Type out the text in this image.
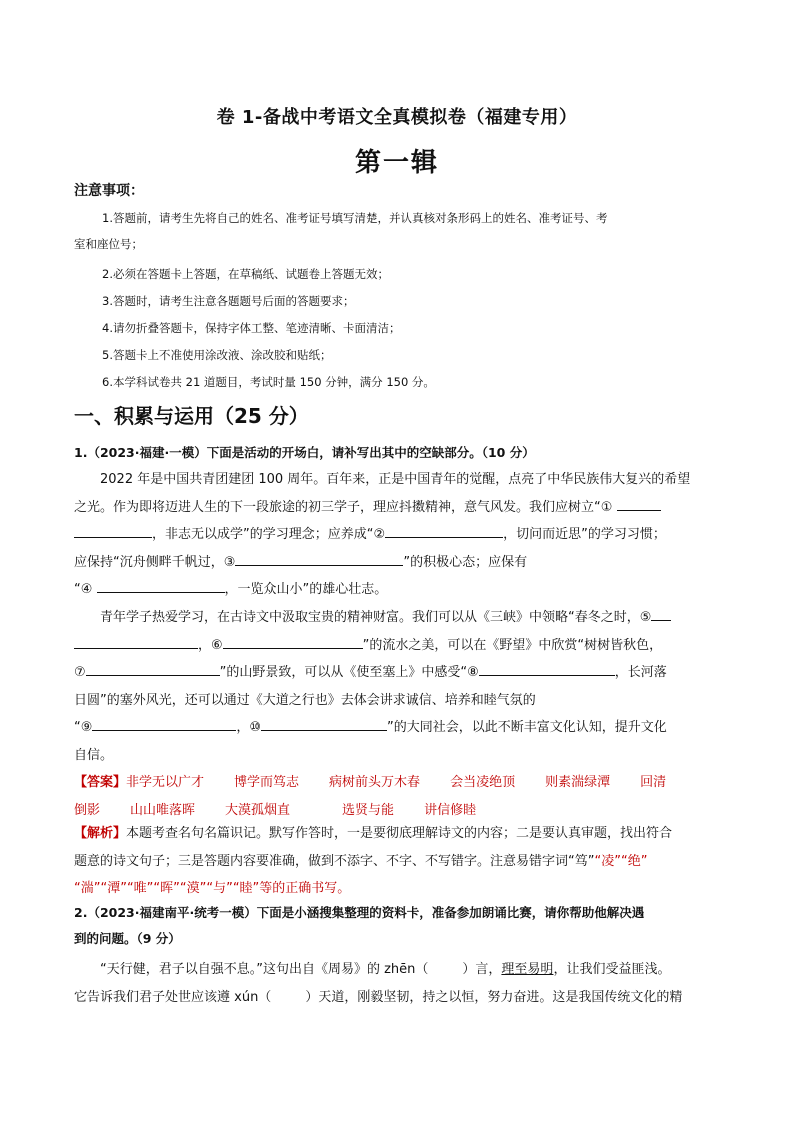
卷 1-备战中考语文全真模拟卷（福建专用）
第一辑
注意事项：
1.答题前，请考生先将自己的姓名、准考证号填写清楚，并认真核对条形码上的姓名、准考证号、考
室和座位号；
2.必须在答题卡上答题，在草稿纸、试题卷上答题无效；
3.答题时，请考生注意各题题号后面的答题要求；
4.请勿折叠答题卡，保持字体工整、笔迹清晰、卡面清洁；
5.答题卡上不准使用涂改液、涂改胶和贴纸；
6.本学科试卷共 21 道题目，考试时量 150 分钟，满分 150 分。
一、积累与运用（25 分）
1.（2023·福建·一模）下面是活动的开场白，请补写出其中的空缺部分。（10 分）
2022 年是中国共青团建团 100 周年。百年来，正是中国青年的觉醒，点亮了中华民族伟大复兴的希望
之光。作为即将迈进人生的下一段旅途的初三学子，理应抖擞精神，意气风发。我们应树立“①
，非志无以成学”的学习理念；应养成“②	，切问而近思”的学习习惯；
应保持“沉舟侧畔千帆过，③	”的积极心态；应保有
“④	，一览众山小”的雄心壮志。
青年学子热爱学习，在古诗文中汲取宝贵的精神财富。我们可以从《三峡》中领略“春冬之时，⑤
，⑥	”的流水之美，可以在《野望》中欣赏“树树皆秋色，
⑦	”的山野景致，可以从《使至塞上》中感受“⑧	，长河落
日圆”的塞外风光，还可以通过《大道之行也》去体会讲求诚信、培养和睦气氛的
“⑨	，⑩	”的大同社会，以此不断丰富文化认知，提升文化
自信。
【答案】非学无以广才 博学而笃志 病树前头万木春 会当凌绝顶 则素湍绿潭 回清
倒影 山山唯落晖 大漠孤烟直	选贤与能 讲信修睦
【解析】本题考查名句名篇识记。默写作答时，一是要彻底理解诗文的内容；二是要认真审题，找出符合
题意的诗文句子；三是答题内容要准确，做到不添字、不字、不写错字。注意易错字词“笃”“凌”“绝”
“湍”“潭”“唯”“晖”“漠”“与”“睦”等的正确书写。
2.（2023·福建南平·统考一模）下面是小涵搜集整理的资料卡，准备参加朗诵比赛，请你帮助他解决遇
到的问题。（9 分）
“天行健，君子以自强不息。”这句出自《周易》的 zhēn（	）言，理至易明，让我们受益匪浅。
它告诉我们君子处世应该遵 xún（	）天道，刚毅坚韧，持之以恒，努力奋进。这是我国传统文化的精
